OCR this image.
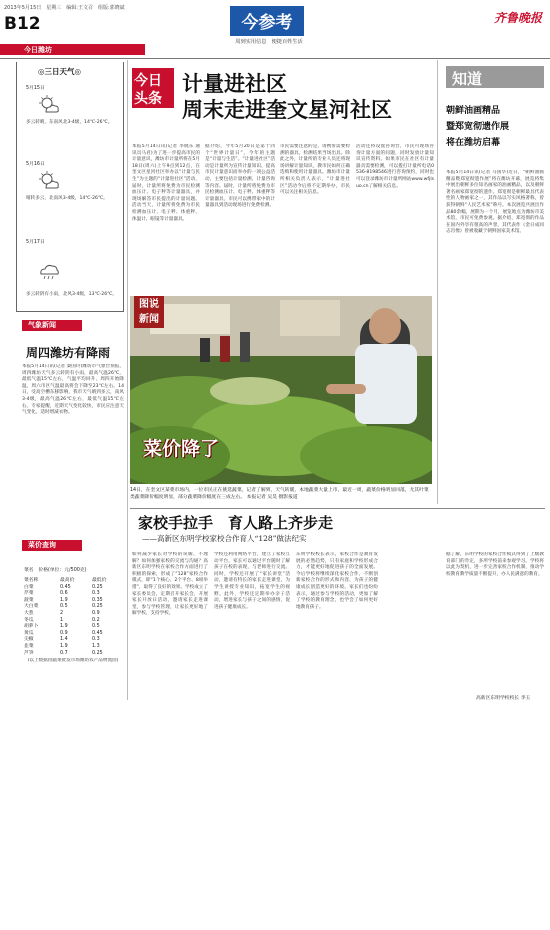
2013年5月15日　星期三　编辑:王文召　组版:郭晓斌
B12
今日潍坊
今参考
周到实用信息　便捷百姓生活
齐鲁晚报
◎三日天气◎
5月15日
多云转晴，东南风北3-4级，14℃-26℃。
5月16日
晴转多云，北南风3-4级，14℃-26℃。
5月17日
多云转阴有小雨，北风3-4级，13℃-26℃。
气象新闻
周四潍坊有降雨
本报5月14日讯(记者 秦国玲)潍坊市气象台预报，周四潍坊天气多云转阴有小雨，最高气温26℃，最低气温15℃左右，气温平均回升，周四开始降温，周六市区气温最高将会下降至23℃左右。14日，受高空槽东移影响，我市天气晴到多云，南风3-4级，最高气温26℃左右，最低气温15℃左右。专家提醒，近期天气变化较快，市民应注意天气变化，适时增减衣物。
菜价查询
菜名　价格(单位：元/500克)
菜名称	最高价	最低价
白菜	0.45	0.25
芹菜	0.6	0.3
菠菜	1.9	0.35
大白菜	0.5	0.25
大葱	2	0.9
冬瓜	1	0.2
胡萝卜	1.9	0.5
黄瓜	0.9	0.45
尖椒	1.4	0.3
韭菜	1.9	1.3
芦笋	0.7	0.25
(以上数据由蔬菜批发市场潍坊农产品物流园)
今日
头条
计量进社区
周末走进奎文星河社区
本报5月14日讯(记者 李晓东 通讯员马君)为了进一步提高市民的计量意识，潍坊市计量所将在5月18日(周六)上午9点到12点，在奎文区星河社区举办以“计量与民生”为主题的“计量进社区”活动，届时，计量所将免费为市民检测血压计、电子秤等计量器具，并现场解答市民提出的计量问题。活动当天，计量所将免费为市民检测血压计、电子秤、体重秤、体温计、眼镜等计量器具。
据介绍，今年5月20日是第十四个“世界计量日”，今年的主题是“计量与生活”。“计量进社区”活动是计量所为宣传计量知识、提高市民计量意识而举办的一项公益活动，主要包括计量检测、计量咨询等内容。届时，计量所将免费为市民检测血压计、电子秤、体重秤等计量器具，市民可以携带家中的计量器具到活动现场进行免费检测。
市民需要注意的是，请携带需要检测的器具，检测结果当场出具。除此之外，计量所的专业人员还将现场讲解计量知识，教市民如何正确选购和使用计量器具。潍坊市计量所相关负责人表示，“计量进社区”活动今后将不定期举办，市民可以关注相关信息。
活动还将设置咨询台，市民可现场咨询计量方面的问题，同时发放计量知识宣传资料。如果市民在社区有计量器具需要检测，可以拨打计量所电话0536-8198546进行咨询预约，同时也可以登录潍坊市计量所网站www.wfjlsuo.cn了解相关信息。
图说
新闻
菜价降了
14日，在奎文区某菜市场内，一位市民正在挑选蔬菜。记者了解到，天气转暖，本地蔬菜大量上市，最近一周，蔬菜价格明显回落，尤其叶菜类蔬菜降价幅度明显，部分蔬菜降价幅度在三成左右。 本报记者 吴昊 摄影报道
知道
朝鲜油画精品
暨郑宽彻遗作展
将在潍坊启幕
本报5月14日讯(记者 马国华)近日，“朝鲜油画精品暨郑宽彻遗作展”将在潍坊开幕，展览将集中展出朝鲜多位知名画家的油画精品，以及朝鲜著名画家郑宽彻的遗作。郑宽彻是朝鲜最具代表性的人物画家之一，其作品以写实风格著称，曾获得朝鲜“人民艺术家”称号。本次展览共展出作品80余幅，展期为一个月，展览地点为潍坊市美术馆，市民可免费参观。据介绍，郑宽彻的作品在国内外享有很高的声誉，其代表作《金日成同志肖像》曾被收藏于朝鲜国家美术馆。
家校手拉手　育人路上齐步走
——高新区东明学校家校合作育人“128”做法纪实
如何减少家长对学校的误解，不理解？如何加强家校的交流与沟通？高新区东明学校在家校合作方面进行了积极的探索，形成了“128”家校合作模式，即“1个核心、2个平台、8项举措”，取得了良好的效果。学校成立了家长委员会，定期召开家长会，开展家长开放日活动，邀请家长走进课堂，参与学校管理，让家长更好地了解学校、支持学校。
学校还利用网络平台，建立了家校互动平台，家长可以通过平台随时了解孩子在校的表现，与老师进行交流。同时，学校还开展了“家长讲堂”活动，邀请有特长的家长走进课堂，为学生讲授专业知识，拓宽学生的视野。此外，学校还定期举办亲子活动，增进家长与孩子之间的感情，促进孩子健康成长。
东明学校校长表示，家校合作是教育发展的必然趋势，只有家庭和学校形成合力，才能更好地促进孩子的全面发展。今后学校将继续深化家校合作，不断创新家校合作的形式和内容，为孩子的健康成长创造更好的环境。家长们也纷纷表示，通过参与学校的活动，更加了解了学校的教育理念，也学会了如何更好地教育孩子。
据了解，东明学校的家校合作模式得到了上级教育部门的肯定，多所学校前来参观学习。学校将以此为契机，进一步完善家校合作机制，推动学校教育教学质量不断提升，办人民满意的教育。
高新区东明学校校长 李玉
